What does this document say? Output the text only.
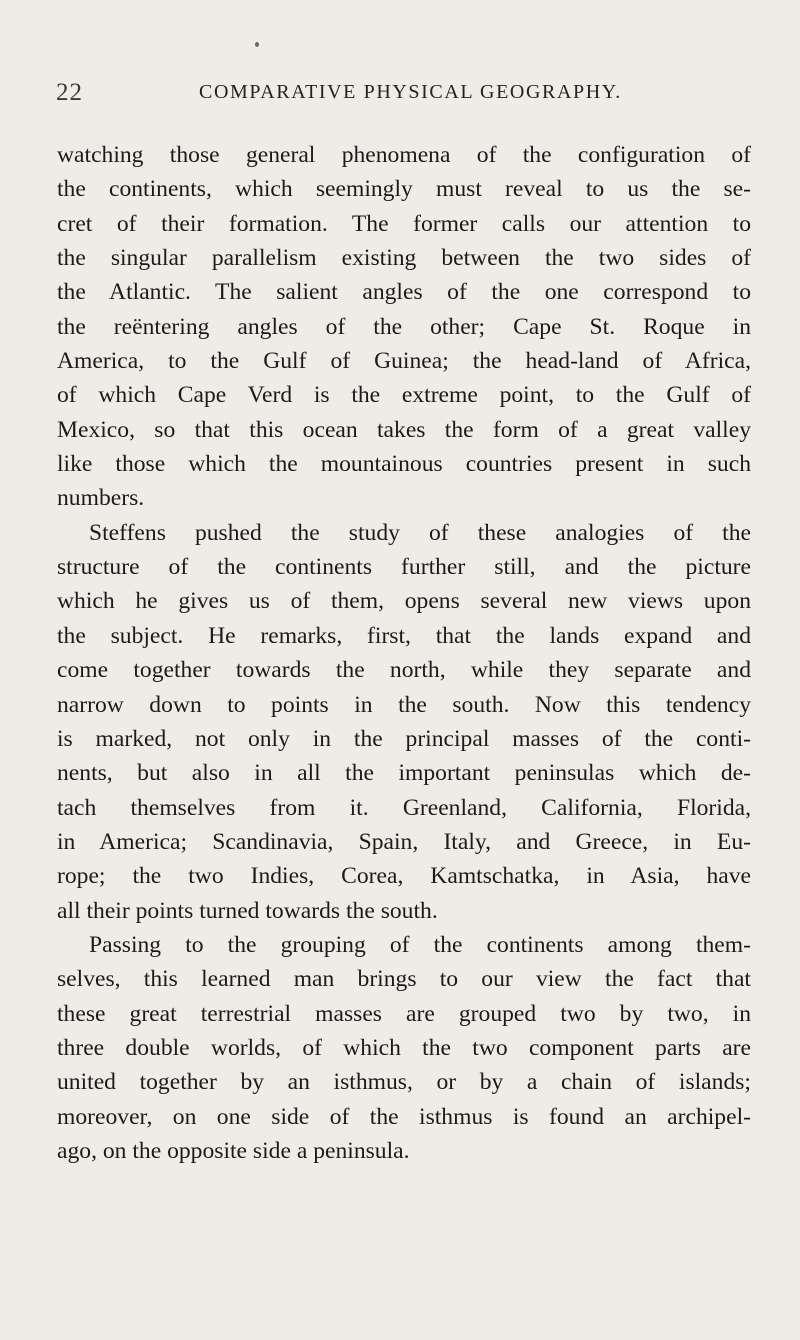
22	COMPARATIVE PHYSICAL GEOGRAPHY.
watching those general phenomena of the configuration of
the continents, which seemingly must reveal to us the se-
cret of their formation. The former calls our attention to
the singular parallelism existing between the two sides of
the Atlantic. The salient angles of the one correspond to
the reëntering angles of the other; Cape St. Roque in
America, to the Gulf of Guinea; the head-land of Africa,
of which Cape Verd is the extreme point, to the Gulf of
Mexico, so that this ocean takes the form of a great valley
like those which the mountainous countries present in such
numbers.
Steffens pushed the study of these analogies of the
structure of the continents further still, and the picture
which he gives us of them, opens several new views upon
the subject. He remarks, first, that the lands expand and
come together towards the north, while they separate and
narrow down to points in the south. Now this tendency
is marked, not only in the principal masses of the conti-
nents, but also in all the important peninsulas which de-
tach themselves from it. Greenland, California, Florida,
in America; Scandinavia, Spain, Italy, and Greece, in Eu-
rope; the two Indies, Corea, Kamtschatka, in Asia, have
all their points turned towards the south.
Passing to the grouping of the continents among them-
selves, this learned man brings to our view the fact that
these great terrestrial masses are grouped two by two, in
three double worlds, of which the two component parts are
united together by an isthmus, or by a chain of islands;
moreover, on one side of the isthmus is found an archipel-
ago, on the opposite side a peninsula.
